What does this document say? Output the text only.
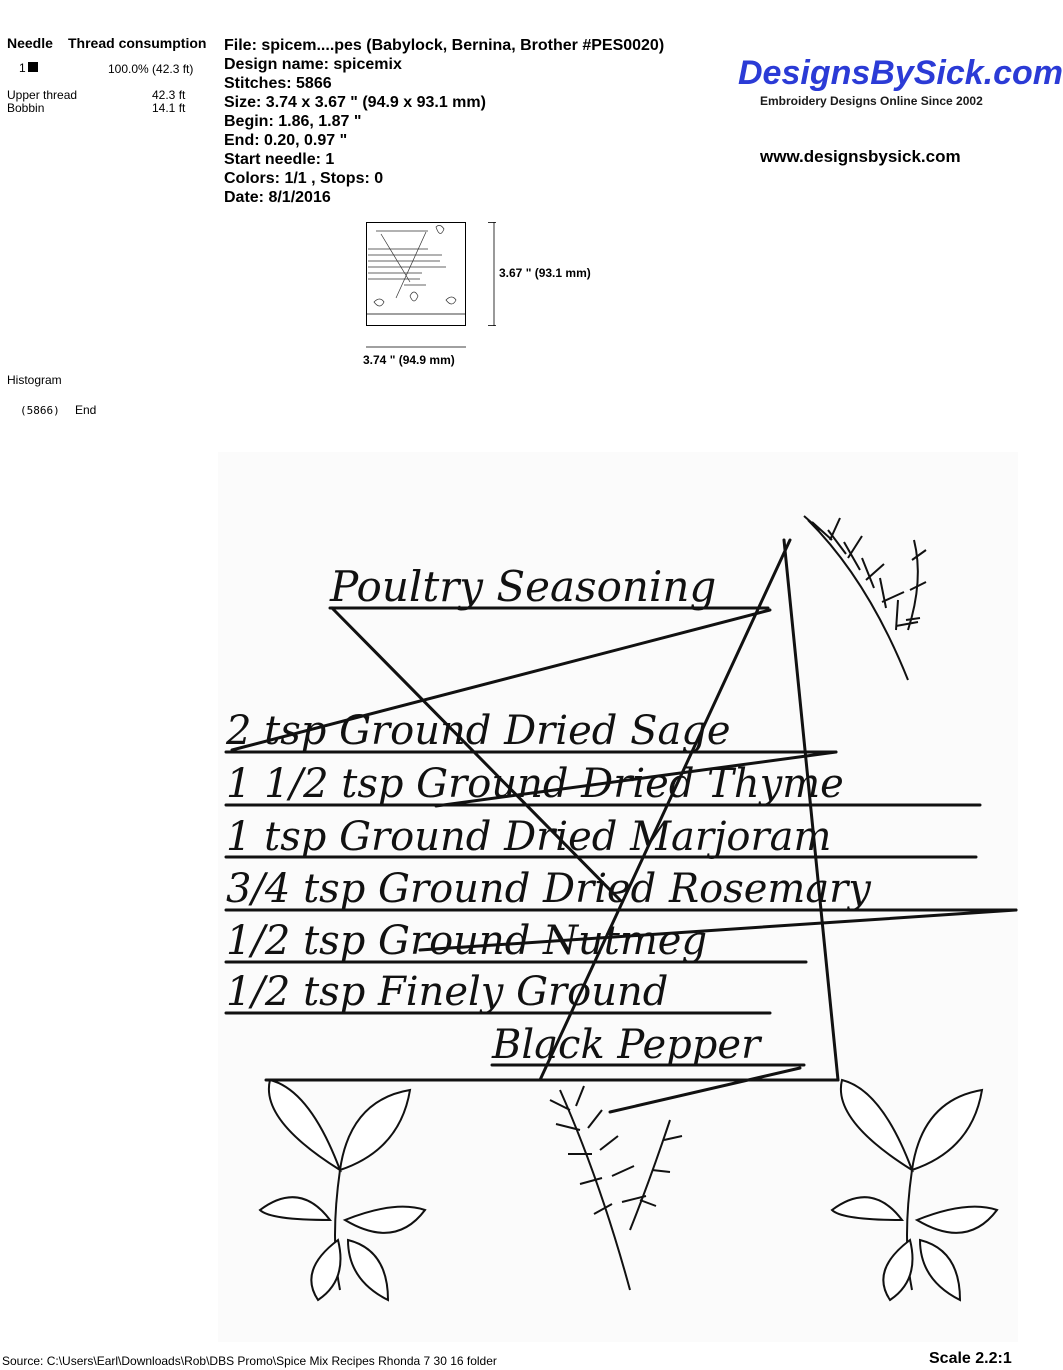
Needle Thread consumption
1	100.0% (42.3 ft)
Upper thread	42.3 ft
Bobbin	14.1 ft
File: spicem....pes (Babylock, Bernina, Brother #PES0020)
Design name: spicemix
Stitches: 5866
Size: 3.74 x 3.67 " (94.9 x 93.1 mm)
Begin: 1.86, 1.87 "
End: 0.20, 0.97 "
Start needle: 1
Colors: 1/1 , Stops: 0
Date: 8/1/2016
DesignsBySick.com
Embroidery Designs Online Since 2002
www.designsbysick.com
3.67 " (93.1 mm)
3.74 " (94.9 mm)
Histogram
(5866) End
Poultry Seasoning
2 tsp Ground Dried Sage
1 1/2 tsp Ground Dried Thyme
1 tsp Ground Dried Marjoram
3/4 tsp Ground Dried Rosemary
1/2 tsp Ground Nutmeg
1/2 tsp Finely Ground
Black Pepper
Source: C:\Users\Earl\Downloads\Rob\DBS Promo\Spice Mix Recipes Rhonda 7 30 16 folder	Scale 2.2:1
